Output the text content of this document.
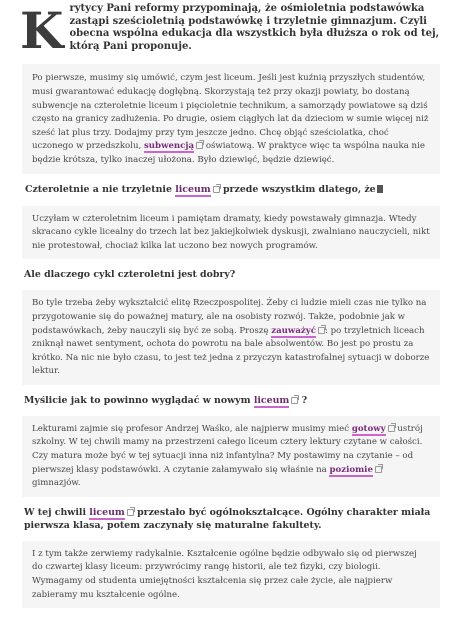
K rytycy Pani reformy przypominają, że ośmioletnia podstawówka zastąpi sześcioletnią podstawówkę i trzyletnie gimnazjum. Czyli obecna wspólna edukacja dla wszystkich była dłuższa o rok od tej, którą Pani proponuje.
Po pierwsze, musimy się umówić, czym jest liceum. Jeśli jest kuźnią przyszłych studentów, musi gwarantować edukację dogłębną. Skorzystają też przy okazji powiaty, bo dostaną subwencje na czteroletnie liceum i pięcioletnie technikum, a samorządy powiatowe są dziś często na granicy zadłużenia. Po drugie, osiem ciągłych lat da dzieciom w sumie więcej niż sześć lat plus trzy. Dodajmy przy tym jeszcze jedno. Chcę objąć sześciolatka, choć uczonego w przedszkolu, subwencją oświatową. W praktyce więc ta wspólna nauka nie będzie krótsza, tylko inaczej ułożona. Było dziewięć, będzie dziewięć.
Czteroletnie a nie trzyletnie liceum przede wszystkim dlatego, że
Uczyłam w czteroletnim liceum i pamiętam dramaty, kiedy powstawały gimnazja. Wtedy skracano cykle licealny do trzech lat bez jakiejkolwiek dyskusji, zwalniano nauczycieli, nikt nie protestował, chociaż kilka lat uczono bez nowych programów.
Ale dlaczego cykl czteroletni jest dobry?
Bo tyle trzeba żeby wykształcić elitę Rzeczpospolitej. Żeby ci ludzie mieli czas nie tylko na przygotowanie się do poważnej matury, ale na osobisty rozwój. Także, podobnie jak w podstawówkach, żeby nauczyli się być ze sobą. Proszę zauważyć : po trzyletnich liceach zniknął nawet sentyment, ochota do powrotu na bale absolwentów. Bo jest po prostu za krótko. Na nic nie było czasu, to jest też jedna z przyczyn katastrofalnej sytuacji w doborze lektur.
Myślicie jak to powinno wyglądać w nowym liceum ?
Lekturami zajmie się profesor Andrzej Waśko, ale najpierw musimy mieć gotowy ustrój szkolny. W tej chwili mamy na przestrzeni całego liceum cztery lektury czytane w całości. Czy matura może być w tej sytuacji inna niż infantylna? My postawimy na czytanie – od pierwszej klasy podstawówki. A czytanie załamywało się właśnie na poziomie gimnazjów.
W tej chwili liceum przestało być ogólnokształcące. Ogólny charakter miała pierwsza klasa, potem zaczynały się maturalne fakultety.
I z tym także zerwiemy radykalnie. Kształcenie ogólne będzie odbywało się od pierwszej do czwartej klasy liceum: przywrócimy rangę historii, ale też fizyki, czy biologii. Wymagamy od studenta umiejętności kształcenia się przez całe życie, ale najpierw zabieramy mu kształcenie ogólne.
